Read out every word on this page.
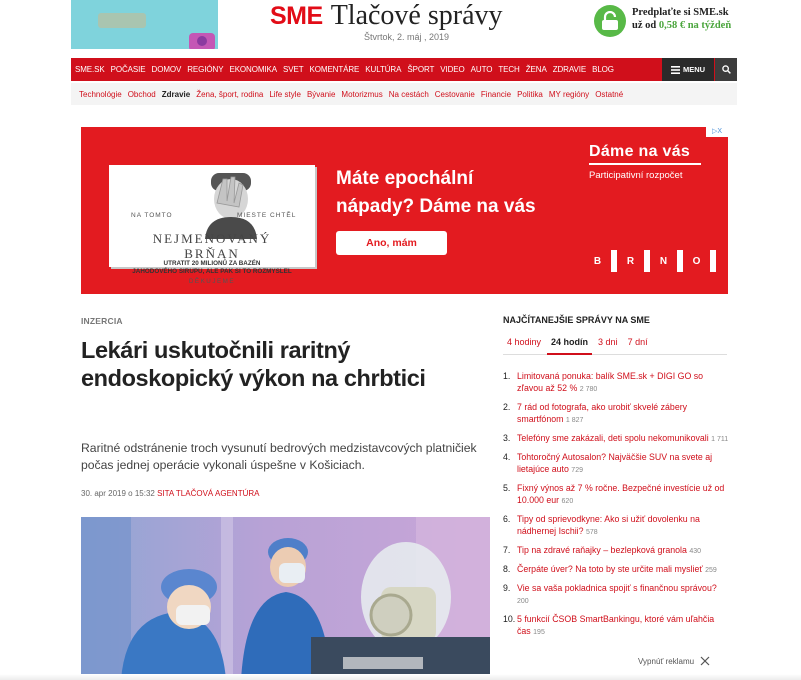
SME Tlačové správy
Štvrtok, 2. máj , 2019
Predplaťte si SME.sk
už od 0,58 € na týždeň
SME.SK POČASIE DOMOV REGIÓNY EKONOMIKA SVET KOMENTÁRE KULTÚRA ŠPORT VIDEO AUTO TECH ŽENA ZDRAVIE BLOG	MENU
Technológie Obchod Zdravie Žena, šport, rodina Life style Bývanie Motorizmus Na cestách Cestovanie Financie Politika MY regióny Ostatné
▷X
NA TOMTO	MIESTE CHTĚL
NEJMENOVANÝ
BRŇAN
UTRATIT 20 MILIONŮ ZA BAZÉN
JAHODOVÉHO SIRUPU, ALE PAK SI TO ROZMYSLEL
DĚKUJEME
Máte epochální
nápady? Dáme na vás
Ano, mám
Dáme na vás
Participativní rozpočet
B	R	N	O
INZERCIA
Lekári uskutočnili raritný endoskopický výkon na chrbtici

Raritné odstránenie troch vysunutí bedrových medzistavcových platničiek počas jednej operácie vykonali úspešne v Košiciach.

30. apr 2019 o 15:32 SITA TLAČOVÁ AGENTÚRA
NAJČÍTANEJŠIE SPRÁVY NA SME
4 hodiny	24 hodín	3 dni	7 dní
1. Limitovaná ponuka: balík SME.sk + DIGI GO so zľavou až 52 % 2 780
2. 7 rád od fotografa, ako urobiť skvelé zábery smartfónom 1 827
3. Telefóny sme zakázali, deti spolu nekomunikovali 1 711
4. Tohtoročný Autosalon? Najväčšie SUV na svete aj lietajúce auto 729
5. Fixný výnos až 7 % ročne. Bezpečné investície už od 10.000 eur 620
6. Tipy od sprievodkyne: Ako si užiť dovolenku na nádhernej Ischii? 578
7. Tip na zdravé raňajky – bezlepková granola 430
8. Čerpáte úver? Na toto by ste určite mali myslieť 259
9. Vie sa vaša pokladnica spojiť s finančnou správou? 200
10. 5 funkcií ČSOB SmartBankingu, ktoré vám uľahčia čas 195
Vypnúť reklamu
